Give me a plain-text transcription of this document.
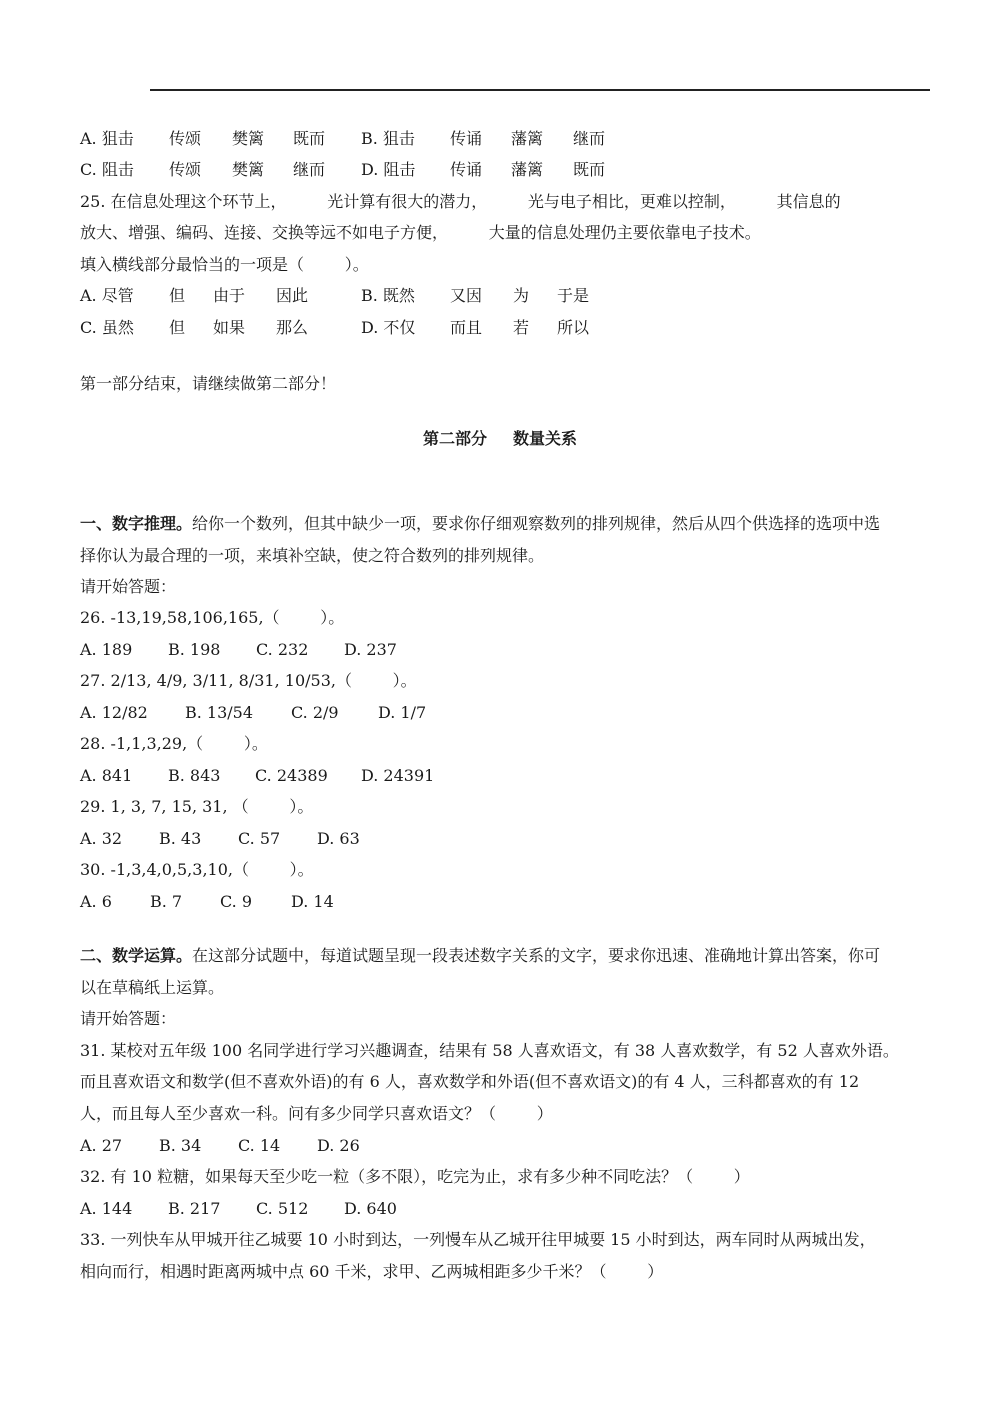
A. 狙击 传颂 樊篱 既而 B. 狙击 传诵 藩篱 继而
C. 阻击 传颂 樊篱 继而 D. 阻击 传诵 藩篱 既而
25. 在信息处理这个环节上，        光计算有很大的潜力，        光与电子相比，更难以控制，        其信息的
放大、增强、编码、连接、交换等远不如电子方便，        大量的信息处理仍主要依靠电子技术。
填入横线部分最恰当的一项是（        ）。
A. 尽管 但 由于 因此	B. 既然 又因 为 于是
C. 虽然 但 如果 那么	D. 不仅 而且 若 所以
第一部分结束，请继续做第二部分！
第二部分 数量关系
一、数字推理。给你一个数列，但其中缺少一项，要求你仔细观察数列的排列规律，然后从四个供选择的选项中选
择你认为最合理的一项，来填补空缺，使之符合数列的排列规律。
请开始答题：
26. -13,19,58,106,165,（        ）。
A. 189 B. 198 C. 232 D. 237
27. 2/13, 4/9, 3/11, 8/31, 10/53,（        ）。
A. 12/82 B. 13/54 C. 2/9 D. 1/7
28. -1,1,3,29,（        ）。
A. 841 B. 843 C. 24389 D. 24391
29. 1, 3, 7, 15, 31, （        ）。
A. 32 B. 43 C. 57 D. 63
30. -1,3,4,0,5,3,10,（        ）。
A. 6 B. 7 C. 9 D. 14
二、数学运算。在这部分试题中，每道试题呈现一段表述数字关系的文字，要求你迅速、准确地计算出答案，你可
以在草稿纸上运算。
请开始答题：
31. 某校对五年级 100 名同学进行学习兴趣调查，结果有 58 人喜欢语文，有 38 人喜欢数学，有 52 人喜欢外语。
而且喜欢语文和数学(但不喜欢外语)的有 6 人，喜欢数学和外语(但不喜欢语文)的有 4 人，三科都喜欢的有 12
人，而且每人至少喜欢一科。问有多少同学只喜欢语文？（        ）
A. 27 B. 34 C. 14 D. 26
32. 有 10 粒糖，如果每天至少吃一粒（多不限），吃完为止，求有多少种不同吃法？（        ）
A. 144 B. 217 C. 512 D. 640
33. 一列快车从甲城开往乙城要 10 小时到达，一列慢车从乙城开往甲城要 15 小时到达，两车同时从两城出发，
相向而行，相遇时距离两城中点 60 千米，求甲、乙两城相距多少千米？（        ）
